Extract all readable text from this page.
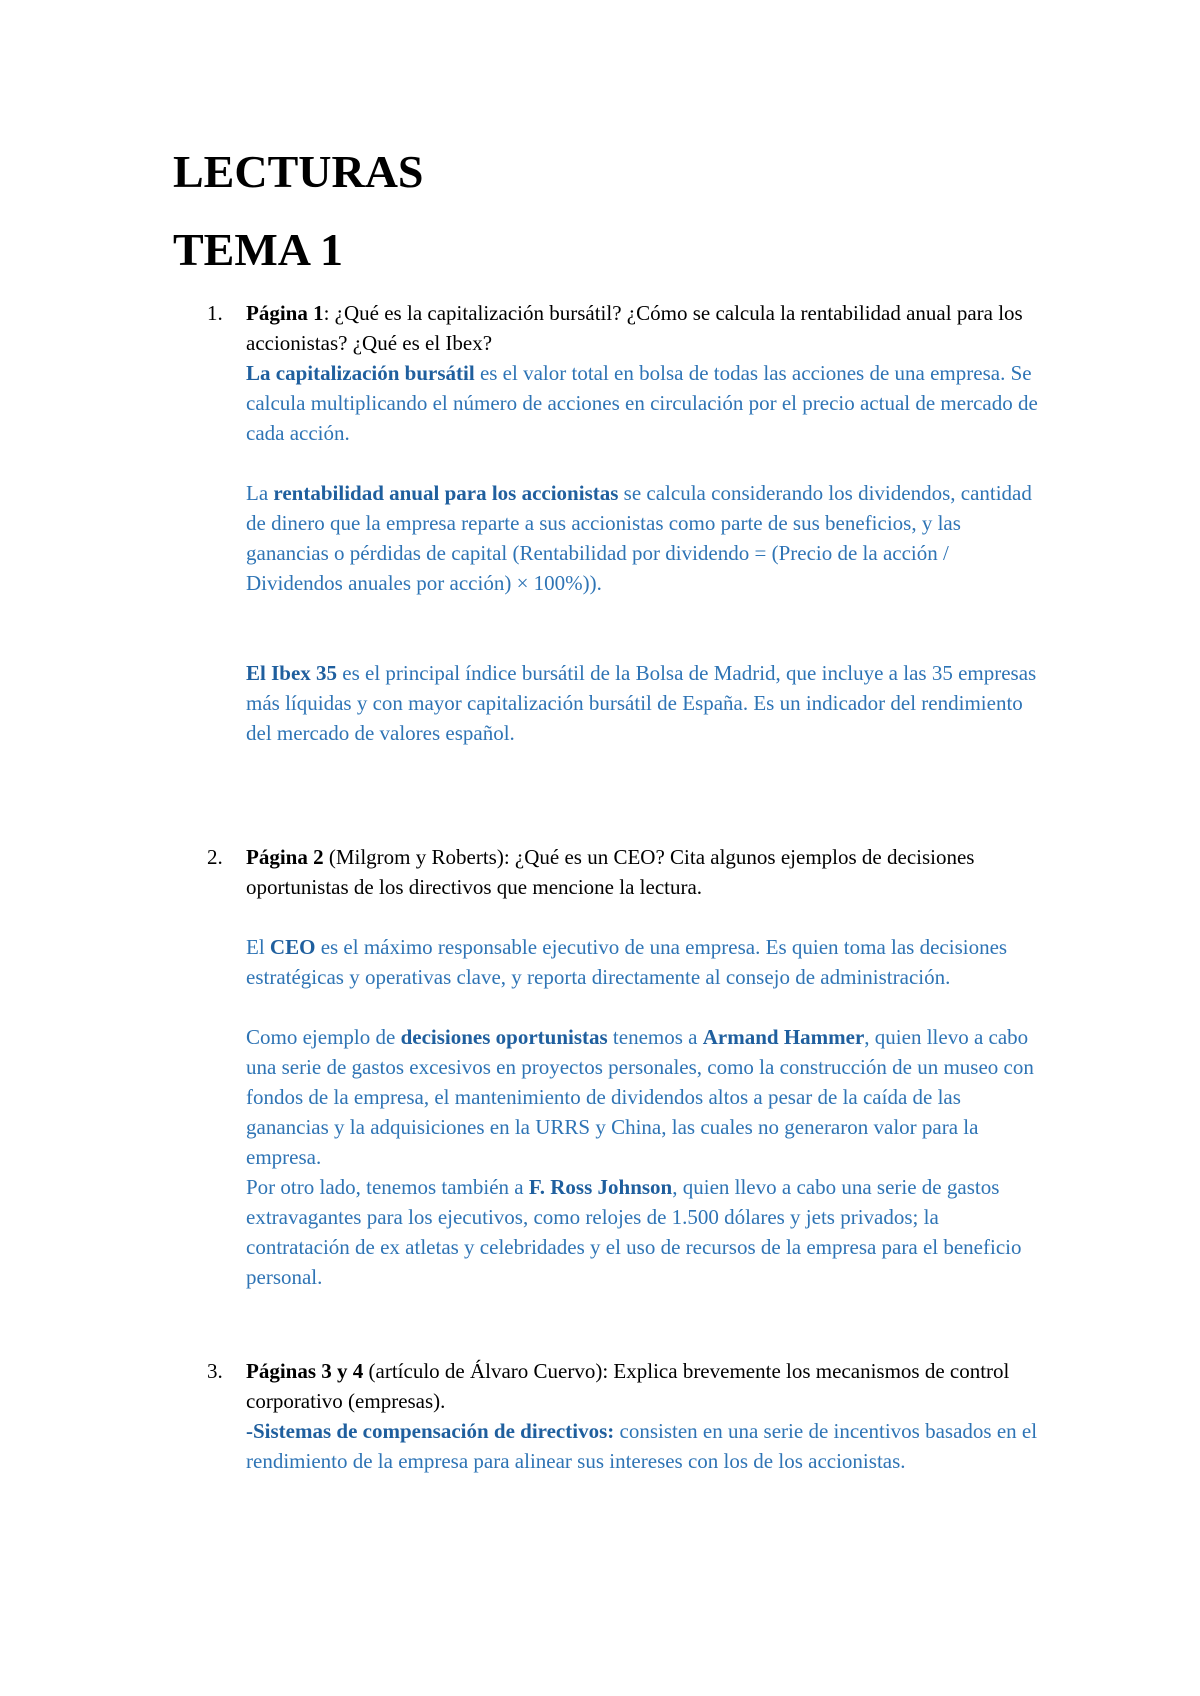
LECTURAS
TEMA 1
1. Página 1: ¿Qué es la capitalización bursátil? ¿Cómo se calcula la rentabilidad anual para los accionistas? ¿Qué es el Ibex?

La capitalización bursátil es el valor total en bolsa de todas las acciones de una empresa. Se calcula multiplicando el número de acciones en circulación por el precio actual de mercado de cada acción.

La rentabilidad anual para los accionistas se calcula considerando los dividendos, cantidad de dinero que la empresa reparte a sus accionistas como parte de sus beneficios, y las ganancias o pérdidas de capital (Rentabilidad por dividendo = (Precio de la acción / Dividendos anuales por acción) × 100%)).

El Ibex 35 es el principal índice bursátil de la Bolsa de Madrid, que incluye a las 35 empresas más líquidas y con mayor capitalización bursátil de España. Es un indicador del rendimiento del mercado de valores español.

2. Página 2 (Milgrom y Roberts): ¿Qué es un CEO? Cita algunos ejemplos de decisiones oportunistas de los directivos que mencione la lectura.

El CEO es el máximo responsable ejecutivo de una empresa. Es quien toma las decisiones estratégicas y operativas clave, y reporta directamente al consejo de administración.

Como ejemplo de decisiones oportunistas tenemos a Armand Hammer, quien llevo a cabo una serie de gastos excesivos en proyectos personales, como la construcción de un museo con fondos de la empresa, el mantenimiento de dividendos altos a pesar de la caída de las ganancias y la adquisiciones en la URRS y China, las cuales no generaron valor para la empresa.

Por otro lado, tenemos también a F. Ross Johnson, quien llevo a cabo una serie de gastos extravagantes para los ejecutivos, como relojes de 1.500 dólares y jets privados; la contratación de ex atletas y celebridades y el uso de recursos de la empresa para el beneficio personal.

3. Páginas 3 y 4 (artículo de Álvaro Cuervo): Explica brevemente los mecanismos de control corporativo (empresas).

-Sistemas de compensación de directivos: consisten en una serie de incentivos basados en el rendimiento de la empresa para alinear sus intereses con los de los accionistas.
